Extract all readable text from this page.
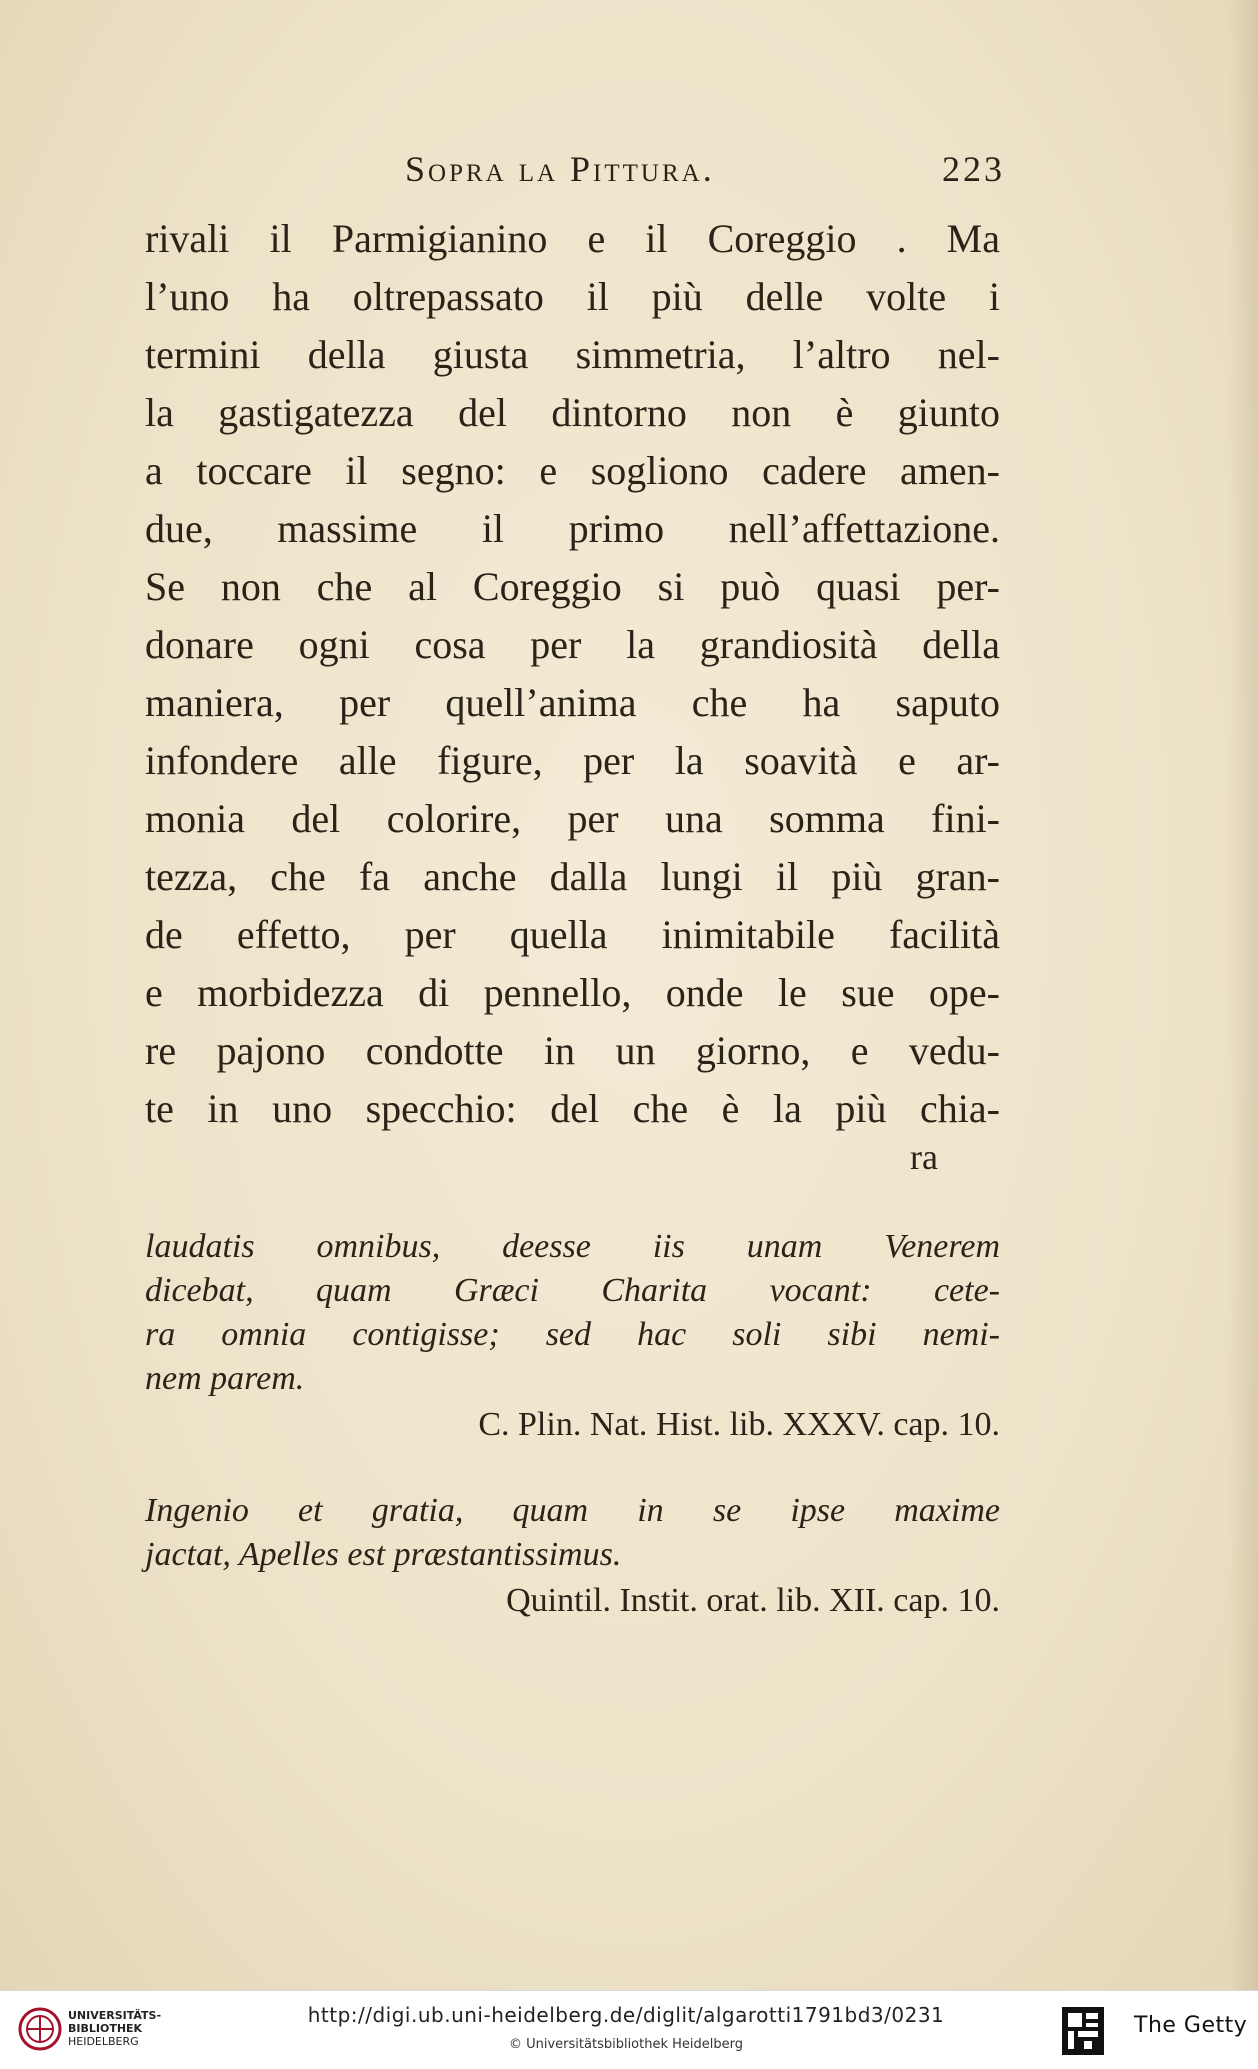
Sopra la Pittura.	223
rivali il Parmigianino e il Coreggio . Ma
l’uno ha oltrepassato il più delle volte i
termini della giusta simmetria, l’altro nel-
la gastigatezza del dintorno non è giunto
a toccare il segno: e sogliono cadere amen-
due, massime il primo nell’affettazione.
Se non che al Coreggio si può quasi per-
donare ogni cosa per la grandiosità della
maniera, per quell’anima che ha saputo
infondere alle figure, per la soavità e ar-
monia del colorire, per una somma fini-
tezza, che fa anche dalla lungi il più gran-
de effetto, per quella inimitabile facilità
e morbidezza di pennello, onde le sue ope-
re pajono condotte in un giorno, e vedu-
te in uno specchio: del che è la più chia-
ra
laudatis omnibus, deesse iis unam Venerem
dicebat, quam Græci Charita vocant: cete-
ra omnia contigisse; sed hac soli sibi nemi-
nem parem.
C. Plin. Nat. Hist. lib. XXXV. cap. 10.
Ingenio et gratia, quam in se ipse maxime
jactat, Apelles est præstantissimus.
Quintil. Instit. orat. lib. XII. cap. 10.
UNIVERSITÄTS-
BIBLIOTHEK
HEIDELBERG
http://digi.ub.uni-heidelberg.de/diglit/algarotti1791bd3/0231
© Universitätsbibliothek Heidelberg
The Getty
